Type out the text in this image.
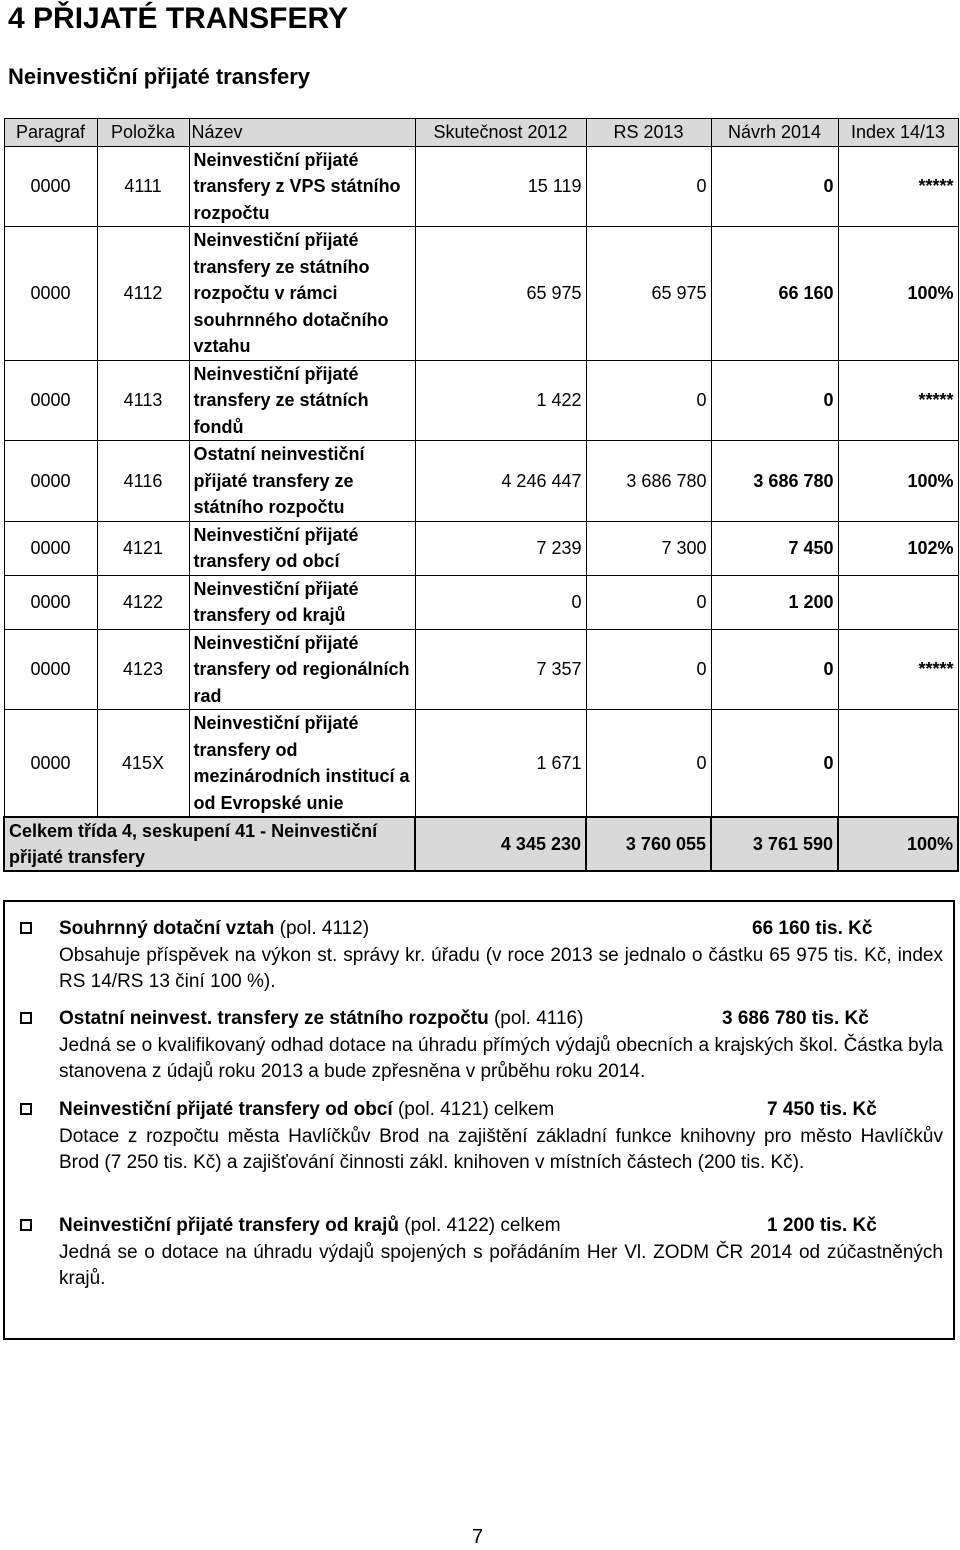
4 PŘIJATÉ TRANSFERY
Neinvestiční přijaté transfery
Paragraf	Položka	Název	Skutečnost 2012	RS 2013	Návrh 2014	Index 14/13
0000	4111	Neinvestiční přijaté transfery z VPS státního rozpočtu	15 119	0	0	*****
0000	4112	Neinvestiční přijaté transfery ze státního rozpočtu v rámci souhrnného dotačního vztahu	65 975	65 975	66 160	100%
0000	4113	Neinvestiční přijaté transfery ze státních fondů	1 422	0	0	*****
0000	4116	Ostatní neinvestiční přijaté transfery ze státního rozpočtu	4 246 447	3 686 780	3 686 780	100%
0000	4121	Neinvestiční přijaté transfery od obcí	7 239	7 300	7 450	102%
0000	4122	Neinvestiční přijaté transfery od krajů	0	0	1 200	
0000	4123	Neinvestiční přijaté transfery od regionálních rad	7 357	0	0	*****
0000	415X	Neinvestiční přijaté transfery od mezinárodních institucí a od Evropské unie	1 671	0	0	
Celkem třída 4, seskupení 41 - Neinvestiční přijaté transfery			4 345 230	3 760 055	3 761 590	100%
Souhrnný dotační vztah (pol. 4112)	66 160 tis. Kč
Obsahuje příspěvek na výkon st. správy kr. úřadu (v roce 2013 se jednalo o částku 65 975 tis. Kč, index RS 14/RS 13 činí 100 %).
Ostatní neinvest. transfery ze státního rozpočtu (pol. 4116)	3 686 780 tis. Kč
Jedná se o kvalifikovaný odhad dotace na úhradu přímých výdajů obecních a krajských škol. Částka byla stanovena z údajů roku 2013 a bude zpřesněna v průběhu roku 2014.
Neinvestiční přijaté transfery od obcí (pol. 4121) celkem	7 450 tis. Kč
Dotace z rozpočtu města Havlíčkův Brod na zajištění základní funkce knihovny pro město Havlíčkův Brod (7 250 tis. Kč) a zajišťování činnosti zákl. knihoven v místních částech (200 tis. Kč).
Neinvestiční přijaté transfery od krajů (pol. 4122) celkem	1 200 tis. Kč
Jedná se o dotace na úhradu výdajů spojených s pořádáním Her Vl. ZODM ČR 2014 od zúčastněných krajů.
7
